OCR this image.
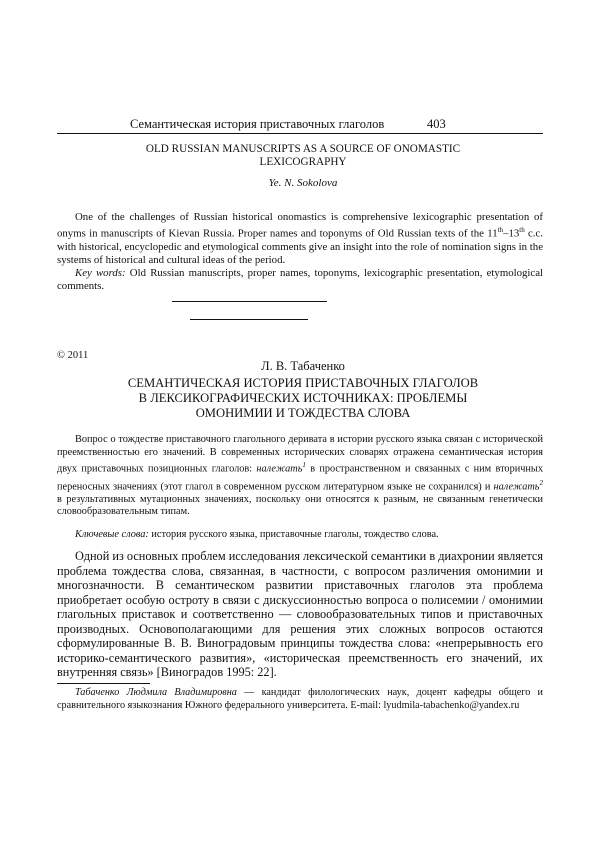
Семантическая история приставочных глаголов	403
OLD RUSSIAN MANUSCRIPTS AS A SOURCE OF ONOMASTIC
LEXICOGRAPHY
Ye. N. Sokolova
One of the challenges of Russian historical onomastics is comprehensive lexicographic presentation of onyms in manuscripts of Kievan Russia. Proper names and toponyms of Old Russian texts of the 11th–13th c.c. with historical, encyclopedic and etymological comments give an insight into the role of nomination signs in the systems of historical and cultural ideas of the period.
Key words: Old Russian manuscripts, proper names, toponyms, lexicographic presentation, etymological comments.
© 2011
Л. В. Табаченко
СЕМАНТИЧЕСКАЯ ИСТОРИЯ ПРИСТАВОЧНЫХ ГЛАГОЛОВ
В ЛЕКСИКОГРАФИЧЕСКИХ ИСТОЧНИКАХ: ПРОБЛЕМЫ
ОМОНИМИИ И ТОЖДЕСТВА СЛОВА
Вопрос о тождестве приставочного глагольного деривата в истории русского языка связан с исторической преемственностью его значений. В современных исторических словарях отражена семантическая история двух приставочных позиционных глаголов: належать$^1$ в пространственном и связанных с ним вторичных переносных значениях (этот глагол в современном русском литературном языке не сохранился) и належать$^2$ в результативных мутационных значениях, поскольку они относятся к разным, не связанным генетически словообразовательным типам.
Ключевые слова: история русского языка, приставочные глаголы, тождество слова.
Одной из основных проблем исследования лексической семантики в диахронии является проблема тождества слова, связанная, в частности, с вопросом различения омонимии и многозначности. В семантическом развитии приставочных глаголов эта проблема приобретает особую остроту в связи с дискуссионностью вопроса о полисемии / омонимии глагольных приставок и соответственно — словообразовательных типов и приставочных производных. Основополагающими для решения этих сложных вопросов остаются сформулированные В. В. Виноградовым принципы тождества слова: «непрерывность его историко-семантического развития», «историческая преемственность его значений, их внутренняя связь» [Виноградов 1995: 22].
Табаченко Людмила Владимировна — кандидат филологических наук, доцент кафедры общего и сравнительного языкознания Южного федерального университета. E-mail: lyudmila-tabachenko@yandex.ru
